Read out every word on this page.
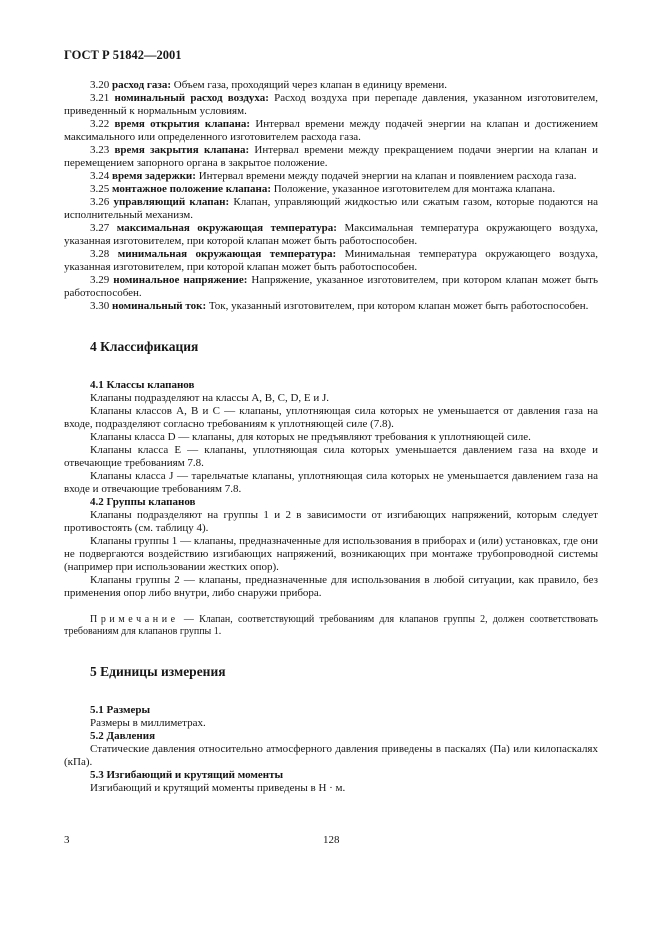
ГОСТ Р 51842—2001
3.20 расход газа: Объем газа, проходящий через клапан в единицу времени.
3.21 номинальный расход воздуха: Расход воздуха при перепаде давления, указанном изготовителем, приведенный к нормальным условиям.
3.22 время открытия клапана: Интервал времени между подачей энергии на клапан и достижением максимального или определенного изготовителем расхода газа.
3.23 время закрытия клапана: Интервал времени между прекращением подачи энергии на клапан и перемещением запорного органа в закрытое положение.
3.24 время задержки: Интервал времени между подачей энергии на клапан и появлением расхода газа.
3.25 монтажное положение клапана: Положение, указанное изготовителем для монтажа клапана.
3.26 управляющий клапан: Клапан, управляющий жидкостью или сжатым газом, которые подаются на исполнительный механизм.
3.27 максимальная окружающая температура: Максимальная температура окружающего воздуха, указанная изготовителем, при которой клапан может быть работоспособен.
3.28 минимальная окружающая температура: Минимальная температура окружающего воздуха, указанная изготовителем, при которой клапан может быть работоспособен.
3.29 номинальное напряжение: Напряжение, указанное изготовителем, при котором клапан может быть работоспособен.
3.30 номинальный ток: Ток, указанный изготовителем, при котором клапан может быть работоспособен.
4 Классификация
4.1 Классы клапанов
Клапаны подразделяют на классы А, В, С, D, Е и J.
Клапаны классов А, В и С — клапаны, уплотняющая сила которых не уменьшается от давления газа на входе, подразделяют согласно требованиям к уплотняющей силе (7.8).
Клапаны класса D — клапаны, для которых не предъявляют требования к уплотняющей силе.
Клапаны класса Е — клапаны, уплотняющая сила которых уменьшается давлением газа на входе и отвечающие требованиям 7.8.
Клапаны класса J — тарельчатые клапаны, уплотняющая сила которых не уменьшается давлением газа на входе и отвечающие требованиям 7.8.
4.2 Группы клапанов
Клапаны подразделяют на группы 1 и 2 в зависимости от изгибающих напряжений, которым следует противостоять (см. таблицу 4).
Клапаны группы 1 — клапаны, предназначенные для использования в приборах и (или) установках, где они не подвергаются воздействию изгибающих напряжений, возникающих при монтаже трубопроводной системы (например при использовании жестких опор).
Клапаны группы 2 — клапаны, предназначенные для использования в любой ситуации, как правило, без применения опор либо внутри, либо снаружи прибора.
Примечание — Клапан, соответствующий требованиям для клапанов группы 2, должен соответствовать требованиям для клапанов группы 1.
5 Единицы измерения
5.1 Размеры
Размеры в миллиметрах.
5.2 Давления
Статические давления относительно атмосферного давления приведены в паскалях (Па) или килопаскалях (кПа).
5.3 Изгибающий и крутящий моменты
Изгибающий и крутящий моменты приведены в Н · м.
3	128
